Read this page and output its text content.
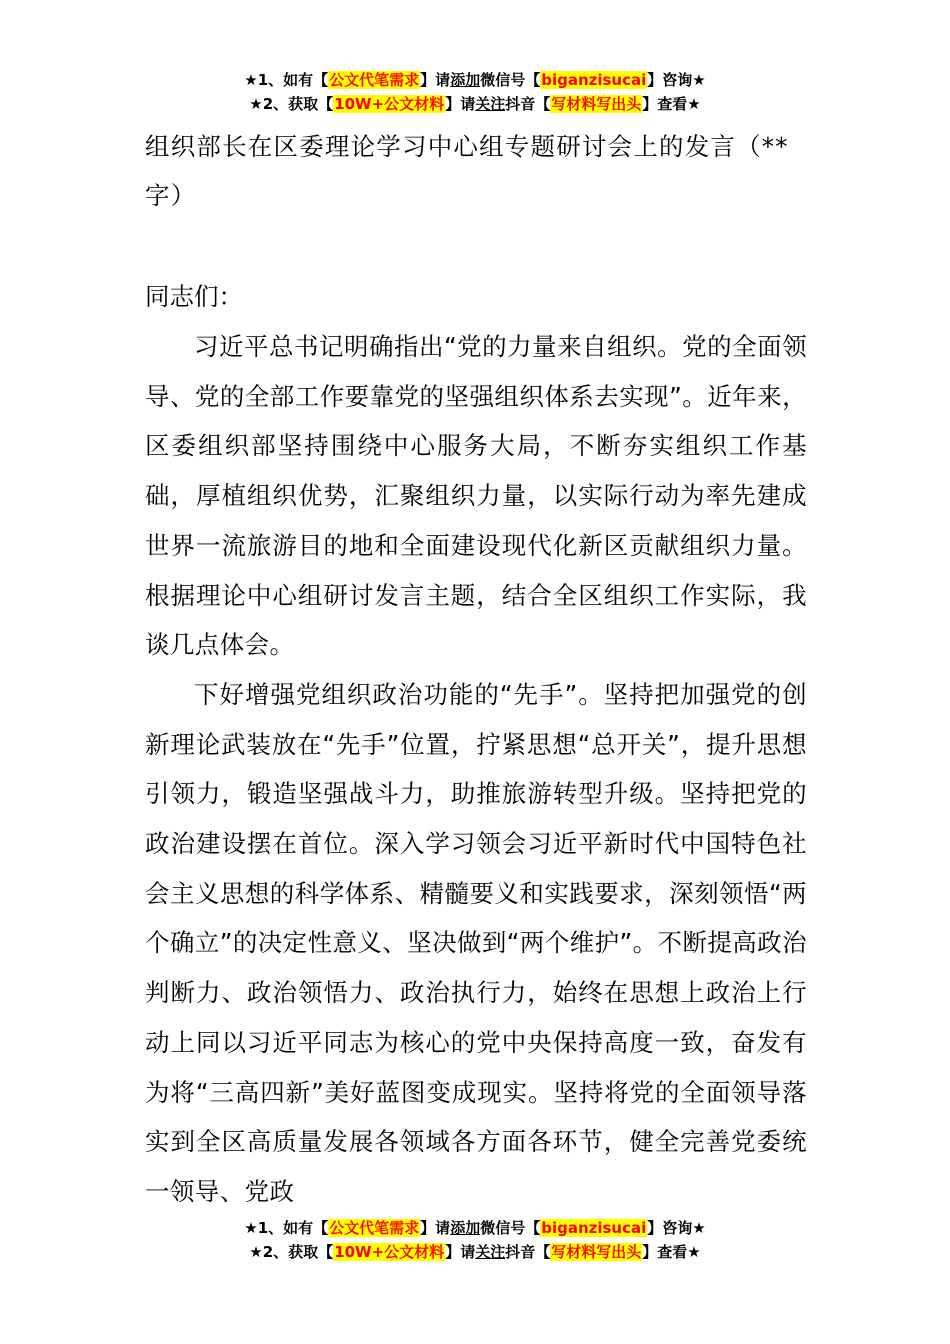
★1、如有【公文代笔需求】请添加微信号【biganzisucai】咨询★
★2、获取【10W+公文材料】请关注抖音【写材料写出头】查看★
组织部长在区委理论学习中心组专题研讨会上的发言（**字）
同志们：

习近平总书记明确指出“党的力量来自组织。党的全面领导、党的全部工作要靠党的坚强组织体系去实现”。近年来，区委组织部坚持围绕中心服务大局，不断夯实组织工作基础，厚植组织优势，汇聚组织力量，以实际行动为率先建成世界一流旅游目的地和全面建设现代化新区贡献组织力量。根据理论中心组研讨发言主题，结合全区组织工作实际，我谈几点体会。

下好增强党组织政治功能的“先手”。坚持把加强党的创新理论武装放在“先手”位置，拧紧思想“总开关”，提升思想引领力，锻造坚强战斗力，助推旅游转型升级。坚持把党的政治建设摆在首位。深入学习领会习近平新时代中国特色社会主义思想的科学体系、精髓要义和实践要求，深刻领悟“两个确立”的决定性意义、坚决做到“两个维护”。不断提高政治判断力、政治领悟力、政治执行力，始终在思想上政治上行动上同以习近平同志为核心的党中央保持高度一致，奋发有为将“三高四新”美好蓝图变成现实。坚持将党的全面领导落实到全区高质量发展各领域各方面各环节，健全完善党委统一领导、党政

★1、如有【公文代笔需求】请添加微信号【biganzisucai】咨询★
★2、获取【10W+公文材料】请关注抖音【写材料写出头】查看★
